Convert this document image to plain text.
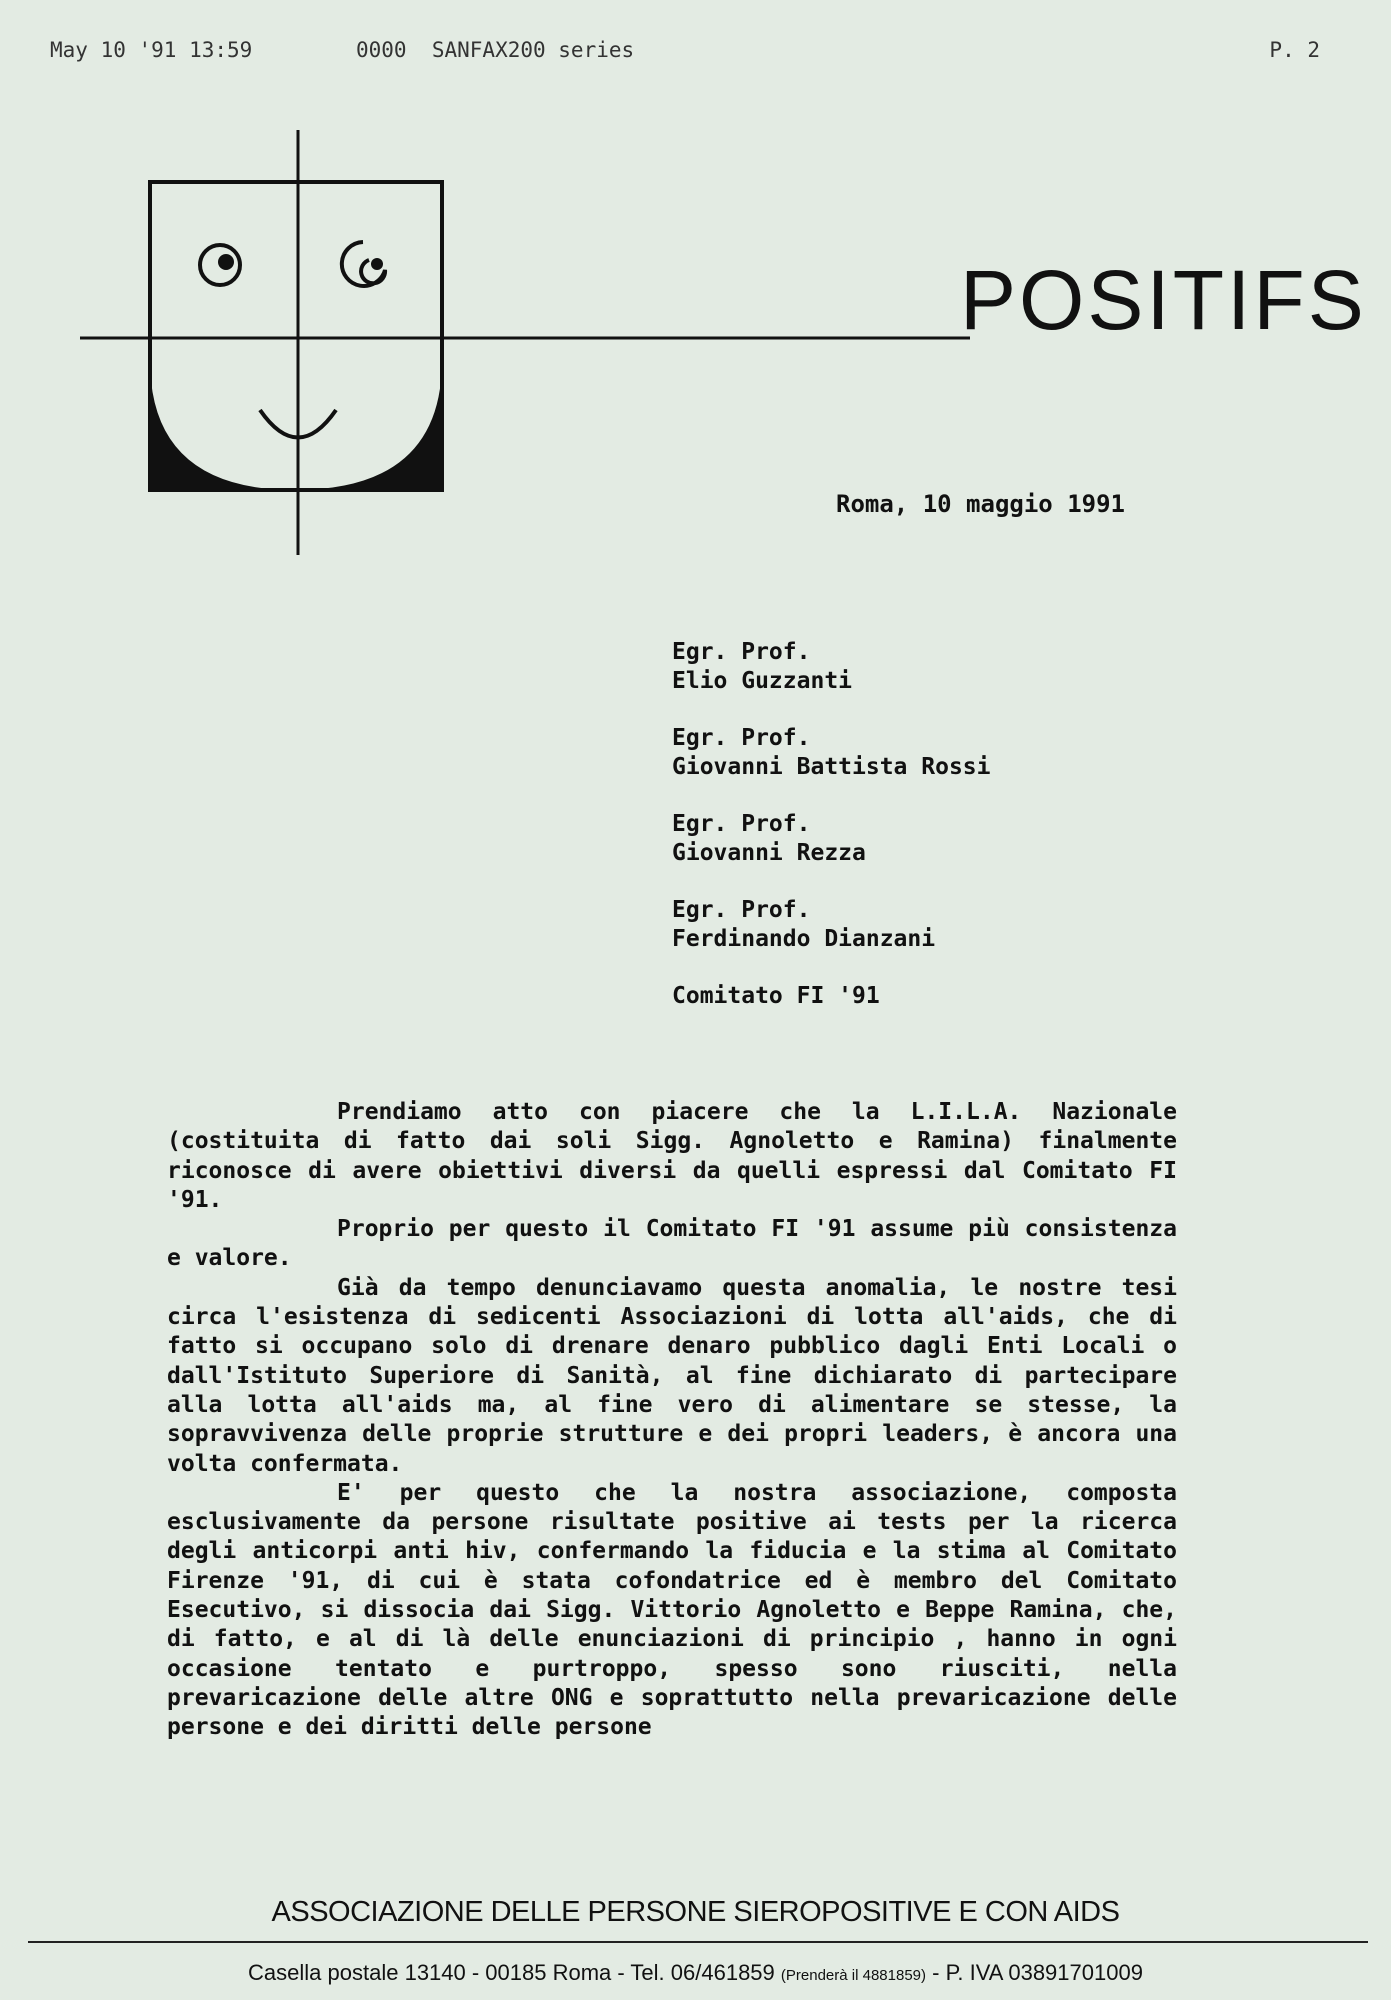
May 10 '91 13:59	0000  SANFAX200 series	P. 2
POSITIFS
Roma, 10 maggio 1991
Egr. Prof.
Elio Guzzanti
Egr. Prof.
Giovanni Battista Rossi
Egr. Prof.
Giovanni Rezza
Egr. Prof.
Ferdinando Dianzani
Comitato FI '91

Prendiamo atto con piacere che la L.I.L.A. Nazionale (costituita di fatto dai soli Sigg. Agnoletto e Ramina) finalmente riconosce di avere obiettivi diversi da quelli espressi dal Comitato FI '91.

Proprio per questo il Comitato FI '91 assume più consistenza e valore.

Già da tempo denunciavamo questa anomalia, le nostre tesi circa l'esistenza di sedicenti Associazioni di lotta all'aids, che di fatto si occupano solo di drenare denaro pubblico dagli Enti Locali o dall'Istituto Superiore di Sanità, al fine dichiarato di partecipare alla lotta all'aids ma, al fine vero di alimentare se stesse, la sopravvivenza delle proprie strutture e dei propri leaders, è ancora una volta confermata.

E' per questo che la nostra associazione, composta esclusivamente da persone risultate positive ai tests per la ricerca degli anticorpi anti hiv, confermando la fiducia e la stima al Comitato Firenze '91, di cui è stata cofondatrice ed è membro del Comitato Esecutivo, si dissocia dai Sigg. Vittorio Agnoletto e Beppe Ramina, che, di fatto, e al di là delle enunciazioni di principio , hanno in ogni occasione tentato e purtroppo, spesso sono riusciti, nella prevaricazione delle altre ONG e soprattutto nella prevaricazione delle persone e dei diritti delle persone

ASSOCIAZIONE DELLE PERSONE SIEROPOSITIVE E CON AIDS
Casella postale 13140 - 00185 Roma - Tel. 06/461859 (Prenderà il 4881859) - P. IVA 03891701009
